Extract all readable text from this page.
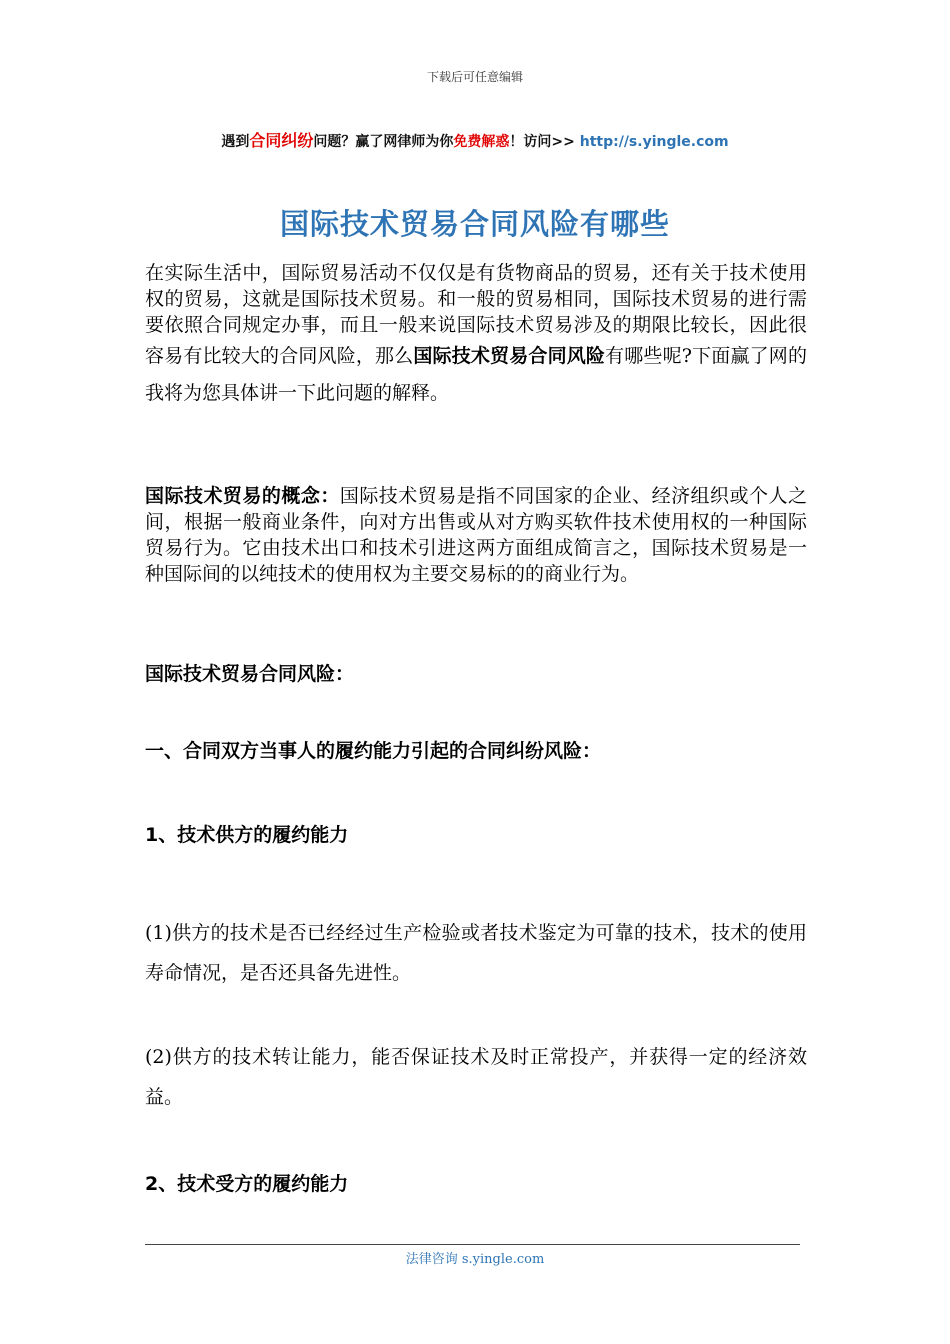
下载后可任意编辑
遇到合同纠纷问题？赢了网律师为你免费解惑！访问>> http://s.yingle.com
国际技术贸易合同风险有哪些
在实际生活中，国际贸易活动不仅仅是有货物商品的贸易，还有关于技术使用权的贸易，这就是国际技术贸易。和一般的贸易相同，国际技术贸易的进行需要依照合同规定办事，而且一般来说国际技术贸易涉及的期限比较长，因此很容易有比较大的合同风险，那么国际技术贸易合同风险有哪些呢?下面赢了网的我将为您具体讲一下此问题的解释。
国际技术贸易的概念：国际技术贸易是指不同国家的企业、经济组织或个人之间，根据一般商业条件，向对方出售或从对方购买软件技术使用权的一种国际贸易行为。它由技术出口和技术引进这两方面组成简言之，国际技术贸易是一种国际间的以纯技术的使用权为主要交易标的的商业行为。
国际技术贸易合同风险：
一、合同双方当事人的履约能力引起的合同纠纷风险：
1、技术供方的履约能力
(1)供方的技术是否已经经过生产检验或者技术鉴定为可靠的技术，技术的使用寿命情况，是否还具备先进性。
(2)供方的技术转让能力，能否保证技术及时正常投产，并获得一定的经济效益。
2、技术受方的履约能力
法律咨询 s.yingle.com
